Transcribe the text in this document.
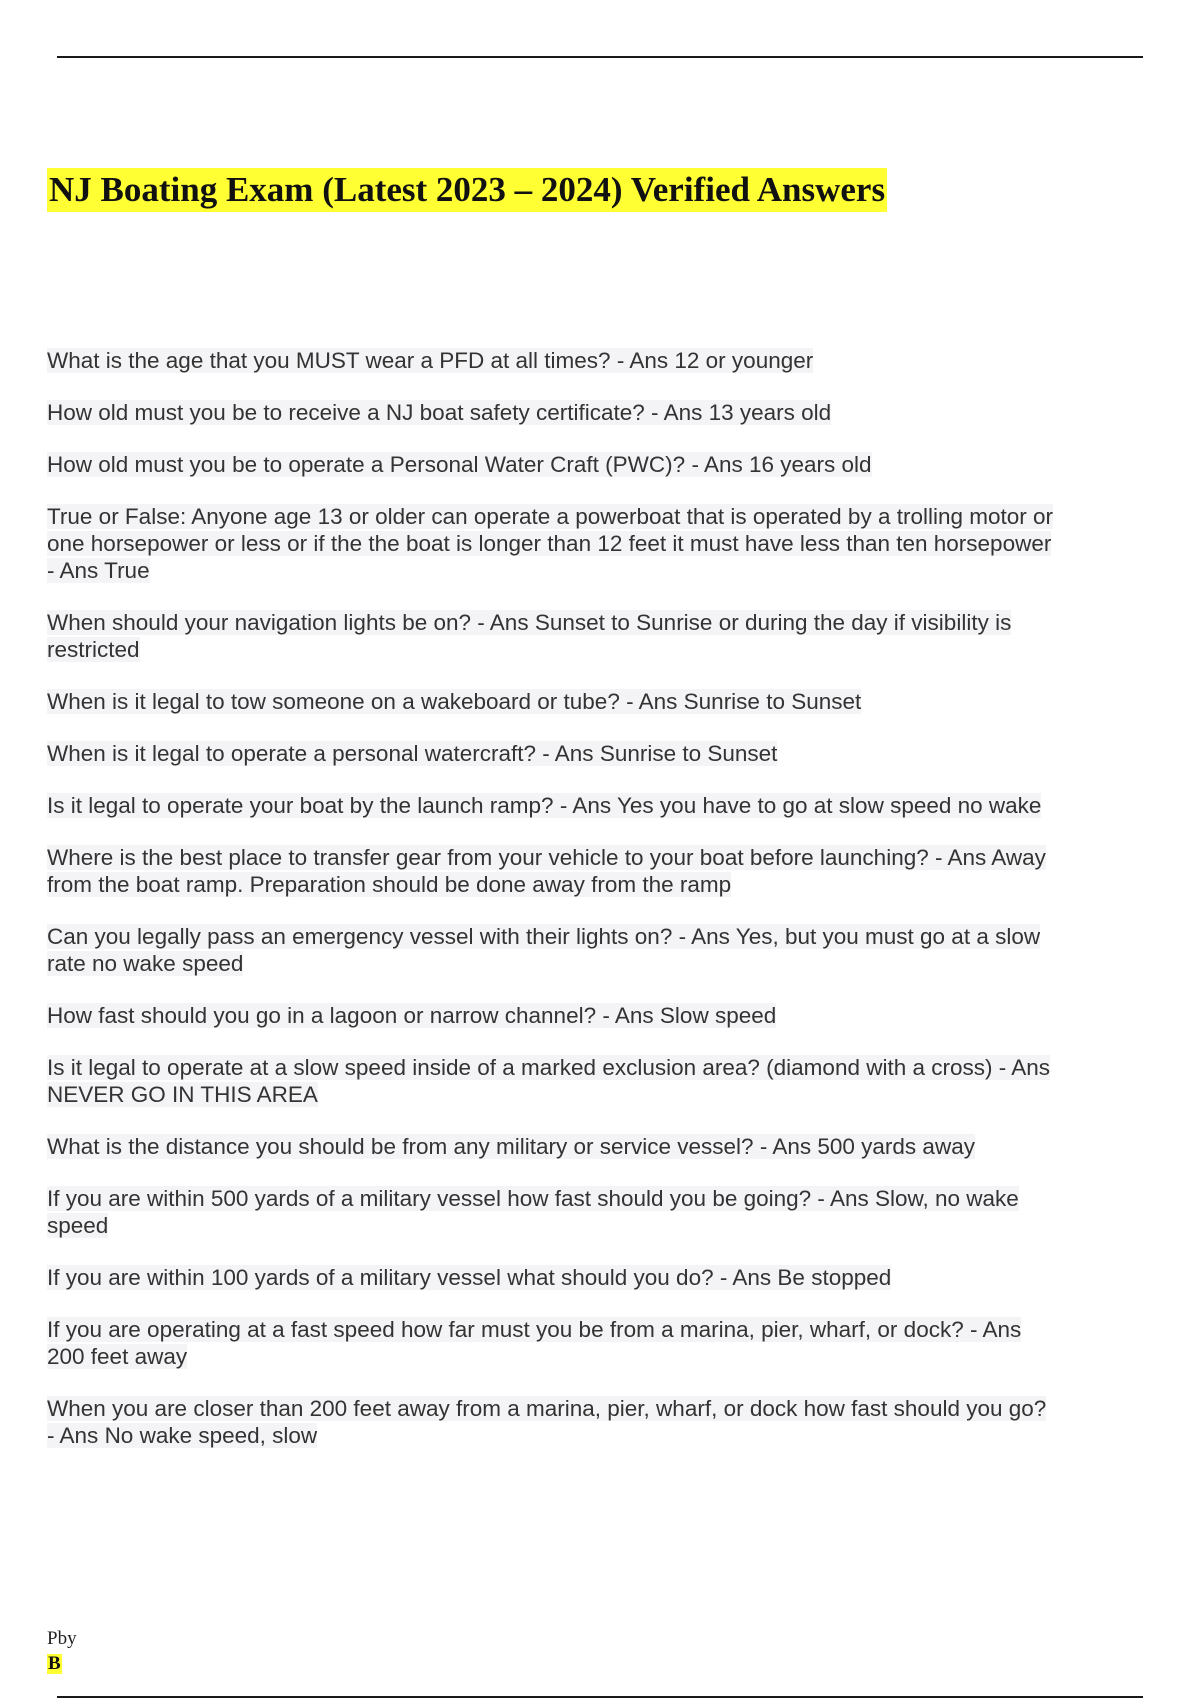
NJ Boating Exam (Latest 2023 – 2024) Verified Answers

What is the age that you MUST wear a PFD at all times? - Ans 12 or younger

How old must you be to receive a NJ boat safety certificate? - Ans 13 years old

How old must you be to operate a Personal Water Craft (PWC)? - Ans 16 years old

True or False: Anyone age 13 or older can operate a powerboat that is operated by a trolling motor or one horsepower or less or if the the boat is longer than 12 feet it must have less than ten horsepower - Ans True

When should your navigation lights be on? - Ans Sunset to Sunrise or during the day if visibility is restricted

When is it legal to tow someone on a wakeboard or tube? - Ans Sunrise to Sunset

When is it legal to operate a personal watercraft? - Ans Sunrise to Sunset

Is it legal to operate your boat by the launch ramp? - Ans Yes you have to go at slow speed no wake

Where is the best place to transfer gear from your vehicle to your boat before launching? - Ans Away from the boat ramp. Preparation should be done away from the ramp

Can you legally pass an emergency vessel with their lights on? - Ans Yes, but you must go at a slow rate no wake speed

How fast should you go in a lagoon or narrow channel? - Ans Slow speed

Is it legal to operate at a slow speed inside of a marked exclusion area? (diamond with a cross) - Ans NEVER GO IN THIS AREA

What is the distance you should be from any military or service vessel? - Ans 500 yards away

If you are within 500 yards of a military vessel how fast should you be going? - Ans Slow, no wake speed

If you are within 100 yards of a military vessel what should you do? - Ans Be stopped

If you are operating at a fast speed how far must you be from a marina, pier, wharf, or dock? - Ans 200 feet away

When you are closer than 200 feet away from a marina, pier, wharf, or dock how fast should you go? - Ans No wake speed, slow

Pby
B
